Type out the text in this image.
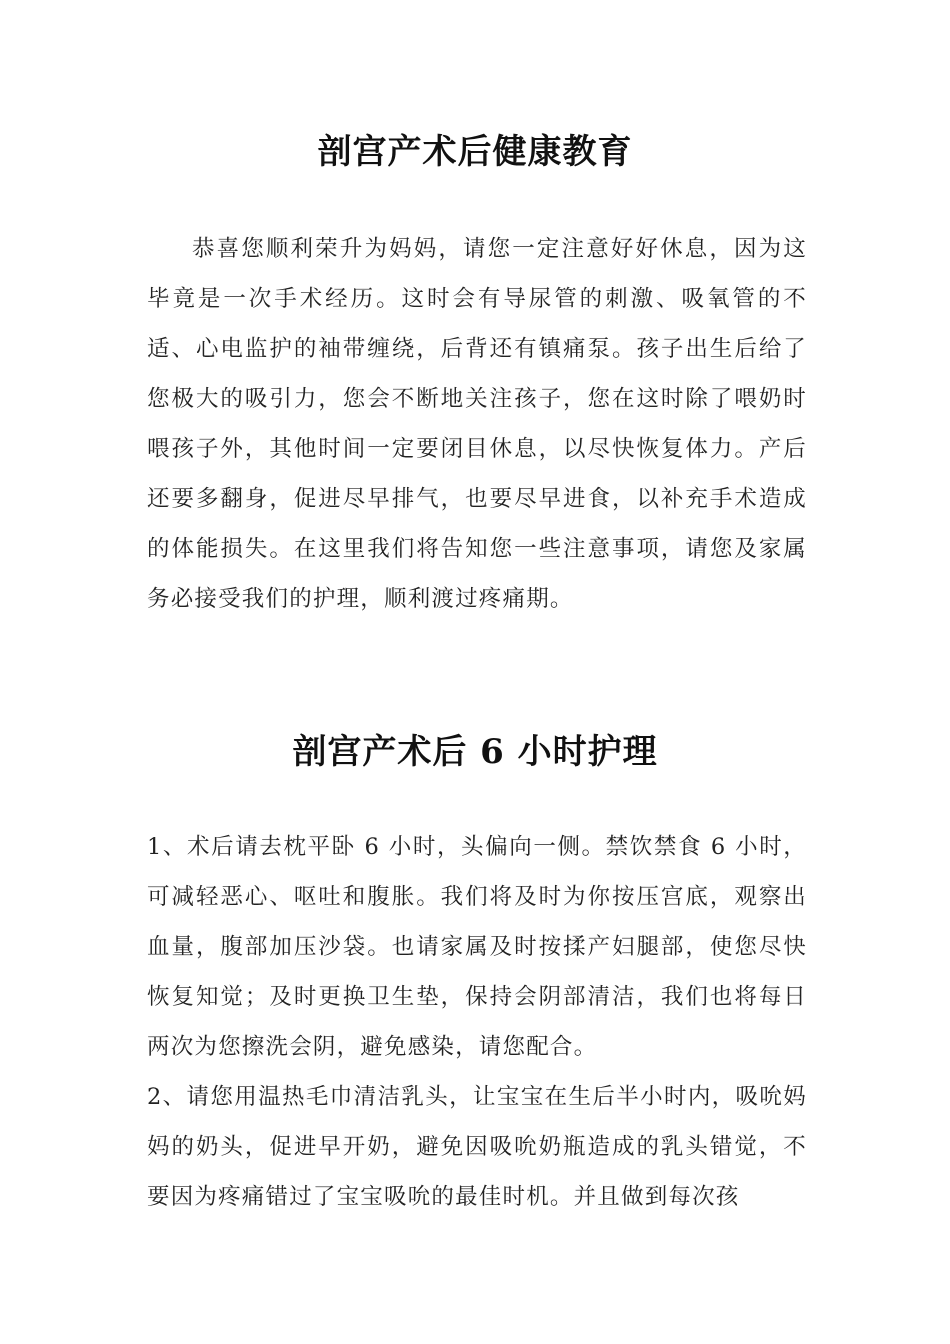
剖宫产术后健康教育

恭喜您顺利荣升为妈妈，请您一定注意好好休息，因为这毕竟是一次手术经历。这时会有导尿管的刺激、吸氧管的不适、心电监护的袖带缠绕，后背还有镇痛泵。孩子出生后给了您极大的吸引力，您会不断地关注孩子，您在这时除了喂奶时喂孩子外，其他时间一定要闭目休息，以尽快恢复体力。产后还要多翻身，促进尽早排气，也要尽早进食，以补充手术造成的体能损失。在这里我们将告知您一些注意事项，请您及家属务必接受我们的护理，顺利渡过疼痛期。

剖宫产术后 6 小时护理

1、术后请去枕平卧 6 小时，头偏向一侧。禁饮禁食 6 小时，可减轻恶心、呕吐和腹胀。我们将及时为你按压宫底，观察出血量，腹部加压沙袋。也请家属及时按揉产妇腿部，使您尽快恢复知觉；及时更换卫生垫，保持会阴部清洁，我们也将每日两次为您擦洗会阴，避免感染，请您配合。

2、请您用温热毛巾清洁乳头，让宝宝在生后半小时内，吸吮妈妈的奶头，促进早开奶，避免因吸吮奶瓶造成的乳头错觉，不要因为疼痛错过了宝宝吸吮的最佳时机。并且做到每次孩
